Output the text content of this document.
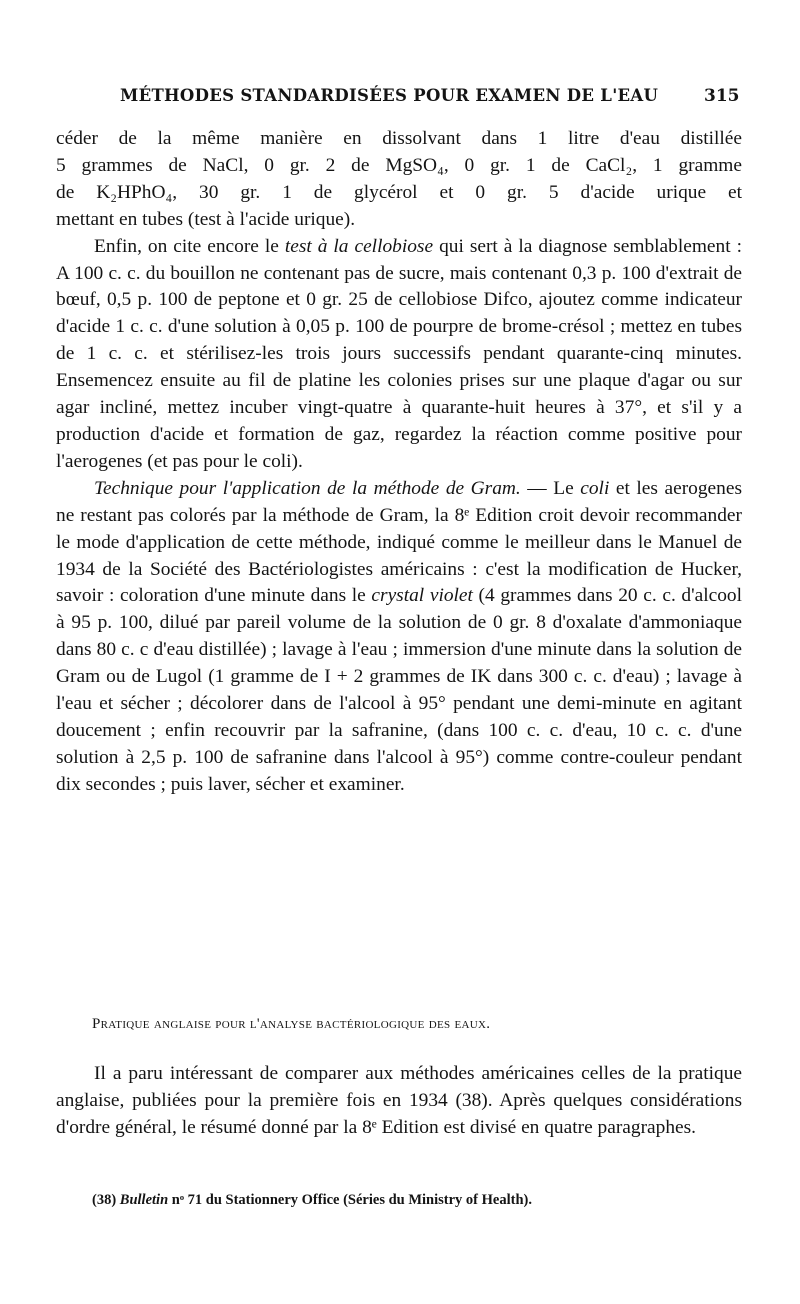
MÉTHODES STANDARDISÉES POUR EXAMEN DE L'EAU	315

céder de la même manière en dissolvant dans 1 litre d'eau distillée

5 grammes de NaCl, 0 gr. 2 de MgSO₄, 0 gr. 1 de CaCl₂, 1 gramme

de K₂HPhO₄, 30 gr. 1 de glycérol et 0 gr. 5 d'acide urique et

mettant en tubes (test à l'acide urique).

Enfin, on cite encore le test à la cellobiose qui sert à la diagnose semblablement : A 100 c. c. du bouillon ne contenant pas de sucre, mais contenant 0,3 p. 100 d'extrait de bœuf, 0,5 p. 100 de peptone et 0 gr. 25 de cellobiose Difco, ajoutez comme indicateur d'acide 1 c. c. d'une solution à 0,05 p. 100 de pourpre de brome-crésol ; mettez en tubes de 1 c. c. et stérilisez-les trois jours successifs pendant quarante-cinq minutes. Ensemencez ensuite au fil de platine les colonies prises sur une plaque d'agar ou sur agar incliné, mettez incuber vingt-quatre à quarante-huit heures à 37°, et s'il y a production d'acide et formation de gaz, regardez la réaction comme positive pour l'aerogenes (et pas pour le coli).

Technique pour l'application de la méthode de Gram. — Le coli et les aerogenes ne restant pas colorés par la méthode de Gram, la 8ᵉ Edition croit devoir recommander le mode d'application de cette méthode, indiqué comme le meilleur dans le Manuel de 1934 de la Société des Bactériologistes américains : c'est la modification de Hucker, savoir : coloration d'une minute dans le crystal violet (4 grammes dans 20 c. c. d'alcool à 95 p. 100, dilué par pareil volume de la solution de 0 gr. 8 d'oxalate d'ammoniaque dans 80 c. c d'eau distillée) ; lavage à l'eau ; immersion d'une minute dans la solution de Gram ou de Lugol (1 gramme de I + 2 grammes de IK dans 300 c. c. d'eau) ; lavage à l'eau et sécher ; décolorer dans de l'alcool à 95° pendant une demi-minute en agitant doucement ; enfin recouvrir par la safranine, (dans 100 c. c. d'eau, 10 c. c. d'une solution à 2,5 p. 100 de safranine dans l'alcool à 95°) comme contre-couleur pendant dix secondes ; puis laver, sécher et examiner.

Pratique anglaise pour l'analyse bactériologique des eaux.

Il a paru intéressant de comparer aux méthodes américaines celles de la pratique anglaise, publiées pour la première fois en 1934 (38). Après quelques considérations d'ordre général, le résumé donné par la 8ᵉ Edition est divisé en quatre paragraphes.

(38) Bulletin nᵒ 71 du Stationnery Office (Séries du Ministry of Health).
